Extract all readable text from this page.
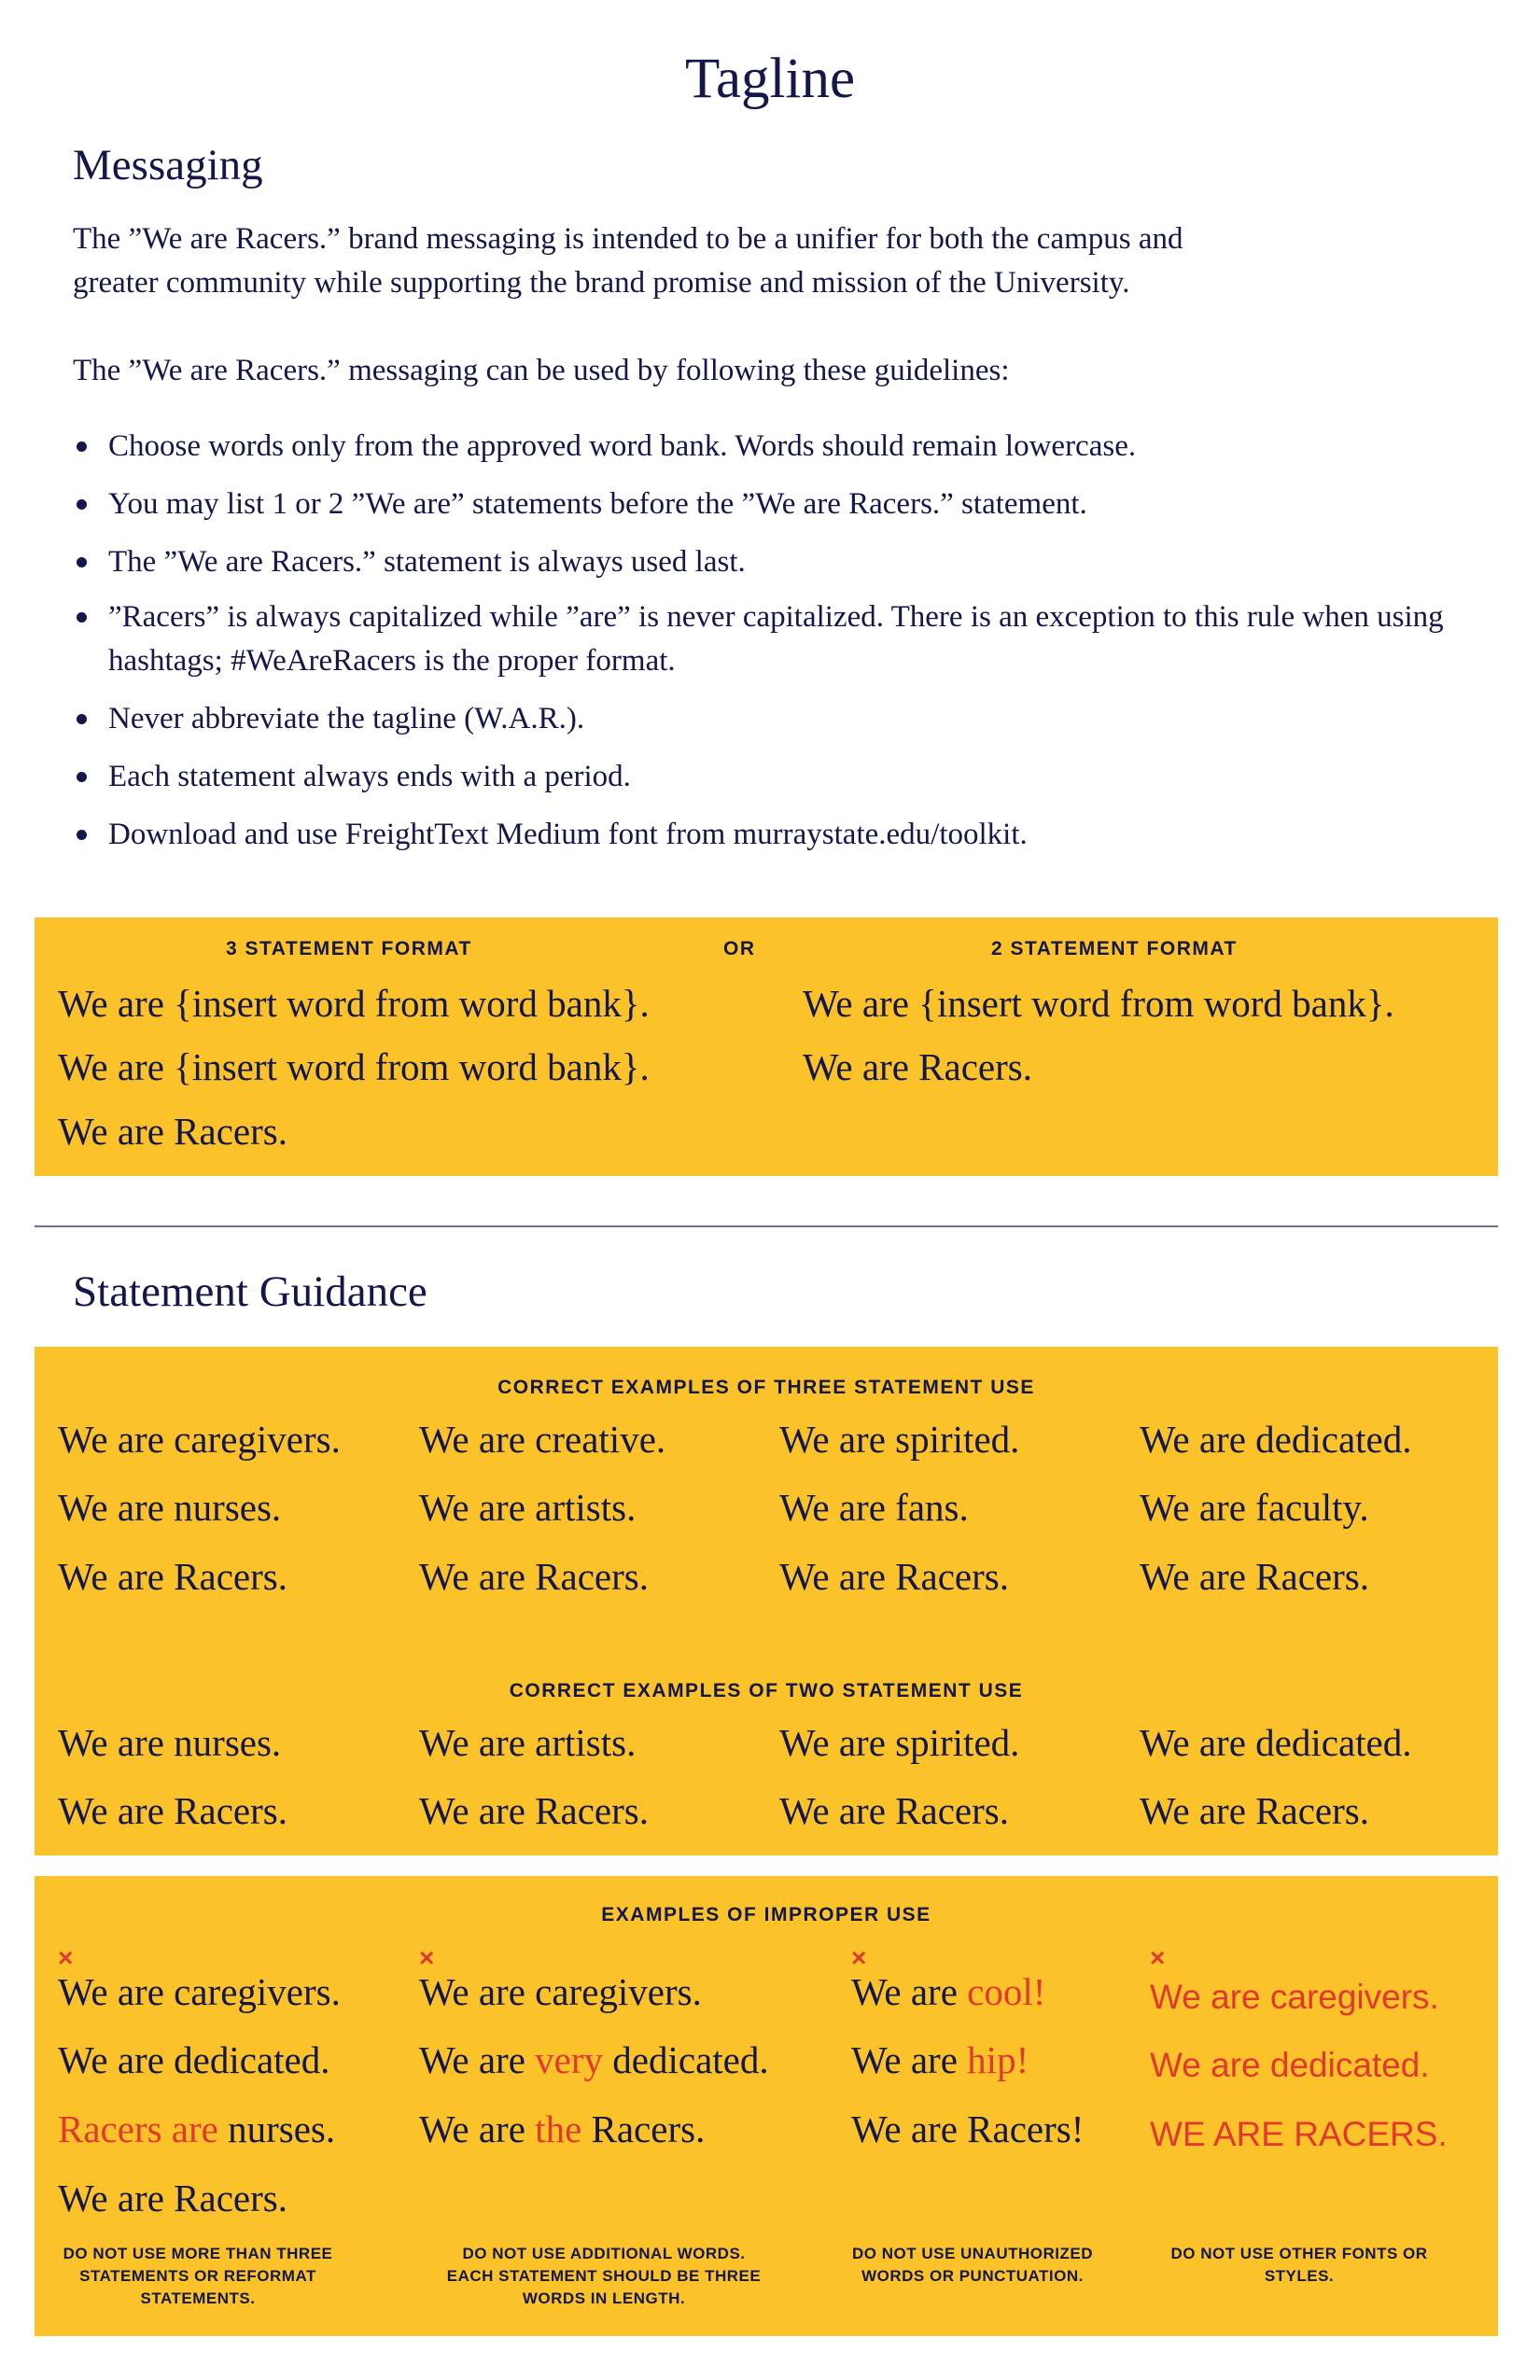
Tagline
Messaging
The ”We are Racers.” brand messaging is intended to be a unifier for both the campus and
greater community while supporting the brand promise and mission of the University.
The ”We are Racers.” messaging can be used by following these guidelines:
Choose words only from the approved word bank. Words should remain lowercase.
You may list 1 or 2 ”We are” statements before the ”We are Racers.” statement.
The ”We are Racers.” statement is always used last.
”Racers” is always capitalized while ”are” is never capitalized. There is an exception to this rule when using hashtags; #WeAreRacers is the proper format.
Never abbreviate the tagline (W.A.R.).
Each statement always ends with a period.
Download and use FreightText Medium font from murraystate.edu/toolkit.
3 STATEMENT FORMAT	OR	2 STATEMENT FORMAT
We are {insert word from word bank}.
We are {insert word from word bank}.
We are Racers.
We are {insert word from word bank}.
We are Racers.
Statement Guidance
CORRECT EXAMPLES OF THREE STATEMENT USE
We are caregivers.
We are nurses.
We are Racers.
We are creative.
We are artists.
We are Racers.
We are spirited.
We are fans.
We are Racers.
We are dedicated.
We are faculty.
We are Racers.
CORRECT EXAMPLES OF TWO STATEMENT USE
We are nurses.
We are Racers.
We are artists.
We are Racers.
We are spirited.
We are Racers.
We are dedicated.
We are Racers.
EXAMPLES OF IMPROPER USE
×
We are caregivers.
We are dedicated.
Racers are nurses.
We are Racers.
DO NOT USE MORE THAN THREE STATEMENTS OR REFORMAT STATEMENTS.
×
We are caregivers.
We are very dedicated.
We are the Racers.
DO NOT USE ADDITIONAL WORDS. EACH STATEMENT SHOULD BE THREE WORDS IN LENGTH.
×
We are cool!
We are hip!
We are Racers!
DO NOT USE UNAUTHORIZED WORDS OR PUNCTUATION.
×
We are caregivers.
We are dedicated.
WE ARE RACERS.
DO NOT USE OTHER FONTS OR STYLES.
